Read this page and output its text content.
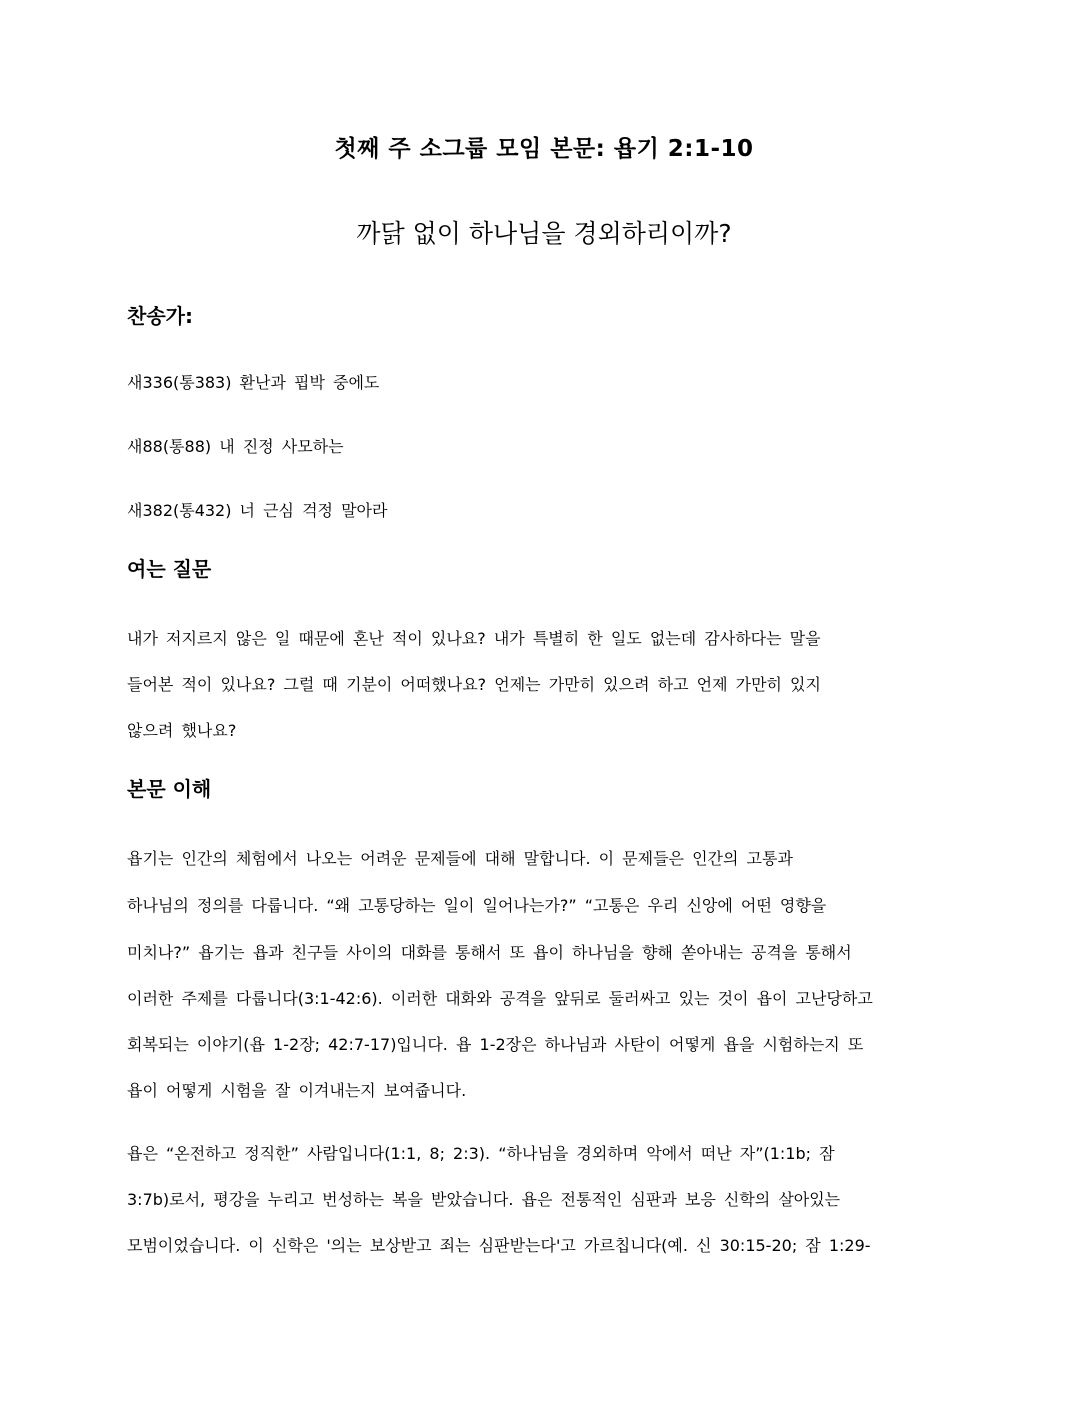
첫째 주 소그룹 모임 본문: 욥기 2:1-10
까닭 없이 하나님을 경외하리이까?
찬송가:
새336(통383) 환난과 핍박 중에도
새88(통88) 내 진정 사모하는
새382(통432) 너 근심 걱정 말아라
여는 질문
내가 저지르지 않은 일 때문에 혼난 적이 있나요? 내가 특별히 한 일도 없는데 감사하다는 말을
들어본 적이 있나요? 그럴 때 기분이 어떠했나요? 언제는 가만히 있으려 하고 언제 가만히 있지
않으려 했나요?
본문 이해
욥기는 인간의 체험에서 나오는 어려운 문제들에 대해 말합니다. 이 문제들은 인간의 고통과
하나님의 정의를 다룹니다. “왜 고통당하는 일이 일어나는가?” “고통은 우리 신앙에 어떤 영향을
미치나?” 욥기는 욥과 친구들 사이의 대화를 통해서 또 욥이 하나님을 향해 쏟아내는 공격을 통해서
이러한 주제를 다룹니다(3:1-42:6). 이러한 대화와 공격을 앞뒤로 둘러싸고 있는 것이 욥이 고난당하고
회복되는 이야기(욥 1-2장; 42:7-17)입니다. 욥 1-2장은 하나님과 사탄이 어떻게 욥을 시험하는지 또
욥이 어떻게 시험을 잘 이겨내는지 보여줍니다.
욥은 “온전하고 정직한” 사람입니다(1:1, 8; 2:3). “하나님을 경외하며 악에서 떠난 자”(1:1b; 잠
3:7b)로서, 평강을 누리고 번성하는 복을 받았습니다. 욥은 전통적인 심판과 보응 신학의 살아있는
모범이었습니다. 이 신학은 '의는 보상받고 죄는 심판받는다'고 가르칩니다(예. 신 30:15-20; 잠 1:29-
